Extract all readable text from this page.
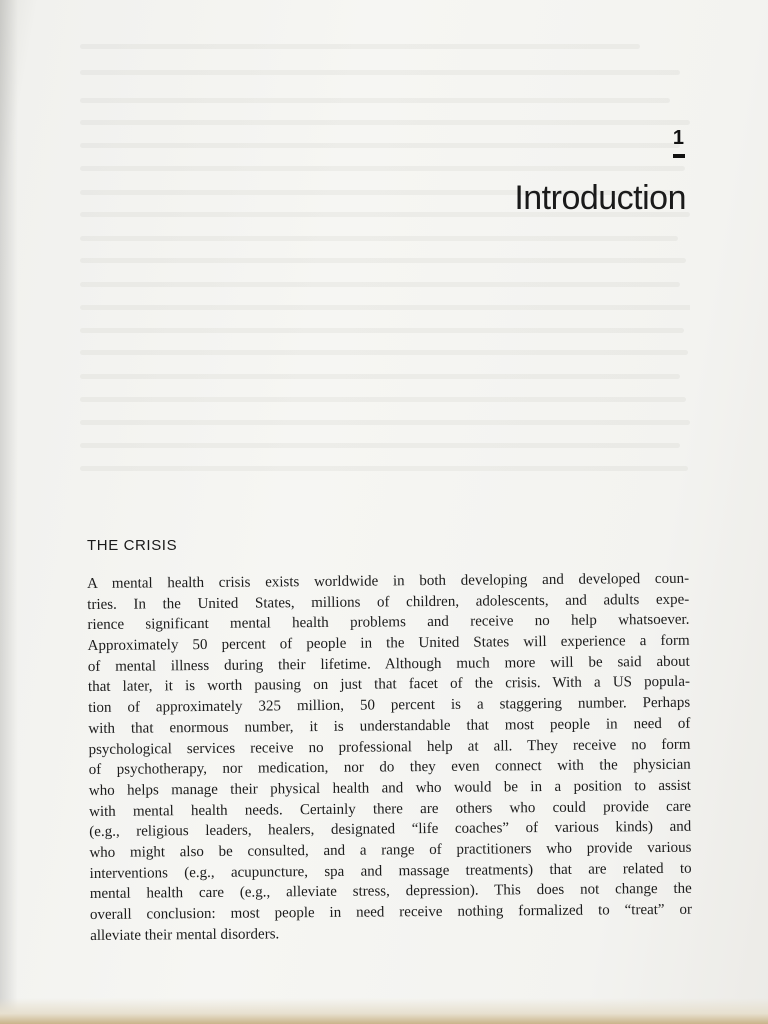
1
Introduction
THE CRISIS
A mental health crisis exists worldwide in both developing and developed coun-
tries. In the United States, millions of children, adolescents, and adults expe-
rience significant mental health problems and receive no help whatsoever.
Approximately 50 percent of people in the United States will experience a form
of mental illness during their lifetime. Although much more will be said about
that later, it is worth pausing on just that facet of the crisis. With a US popula-
tion of approximately 325 million, 50 percent is a staggering number. Perhaps
with that enormous number, it is understandable that most people in need of
psychological services receive no professional help at all. They receive no form
of psychotherapy, nor medication, nor do they even connect with the physician
who helps manage their physical health and who would be in a position to assist
with mental health needs. Certainly there are others who could provide care
(e.g., religious leaders, healers, designated “life coaches” of various kinds) and
who might also be consulted, and a range of practitioners who provide various
interventions (e.g., acupuncture, spa and massage treatments) that are related to
mental health care (e.g., alleviate stress, depression). This does not change the
overall conclusion: most people in need receive nothing formalized to “treat” or
alleviate their mental disorders.
